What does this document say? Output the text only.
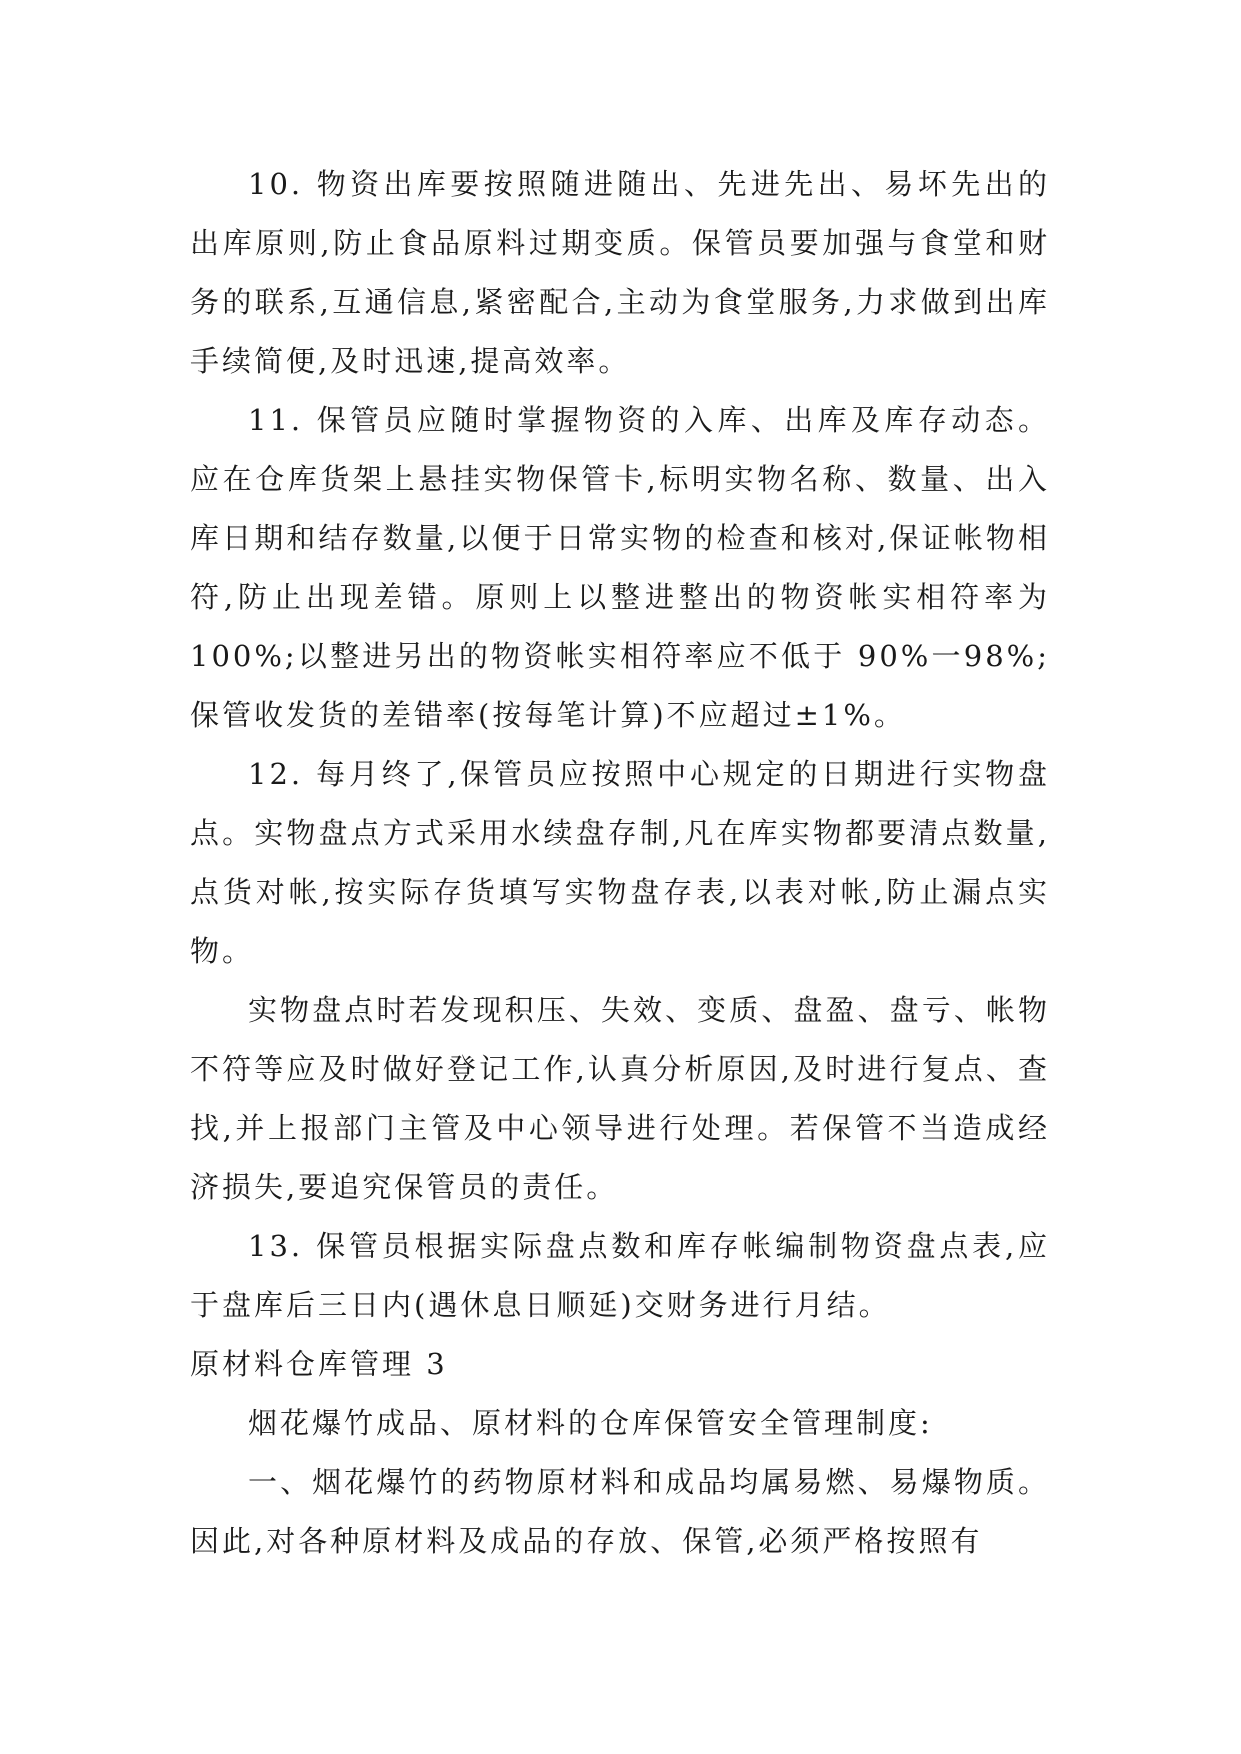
10. 物资出库要按照随进随出、先进先出、易坏先出的出库原则,防止食品原料过期变质。保管员要加强与食堂和财务的联系,互通信息,紧密配合,主动为食堂服务,力求做到出库手续简便,及时迅速,提高效率。

11. 保管员应随时掌握物资的入库、出库及库存动态。应在仓库货架上悬挂实物保管卡,标明实物名称、数量、出入库日期和结存数量,以便于日常实物的检查和核对,保证帐物相符,防止出现差错。原则上以整进整出的物资帐实相符率为 100%;以整进另出的物资帐实相符率应不低于 90%一98%;保管收发货的差错率(按每笔计算)不应超过±1%。

12. 每月终了,保管员应按照中心规定的日期进行实物盘点。实物盘点方式采用水续盘存制,凡在库实物都要清点数量,点货对帐,按实际存货填写实物盘存表,以表对帐,防止漏点实物。

实物盘点时若发现积压、失效、变质、盘盈、盘亏、帐物不符等应及时做好登记工作,认真分析原因,及时进行复点、查找,并上报部门主管及中心领导进行处理。若保管不当造成经济损失,要追究保管员的责任。

13. 保管员根据实际盘点数和库存帐编制物资盘点表,应于盘库后三日内(遇休息日顺延)交财务进行月结。

原材料仓库管理 3

烟花爆竹成品、原材料的仓库保管安全管理制度:

一、烟花爆竹的药物原材料和成品均属易燃、易爆物质。因此,对各种原材料及成品的存放、保管,必须严格按照有
